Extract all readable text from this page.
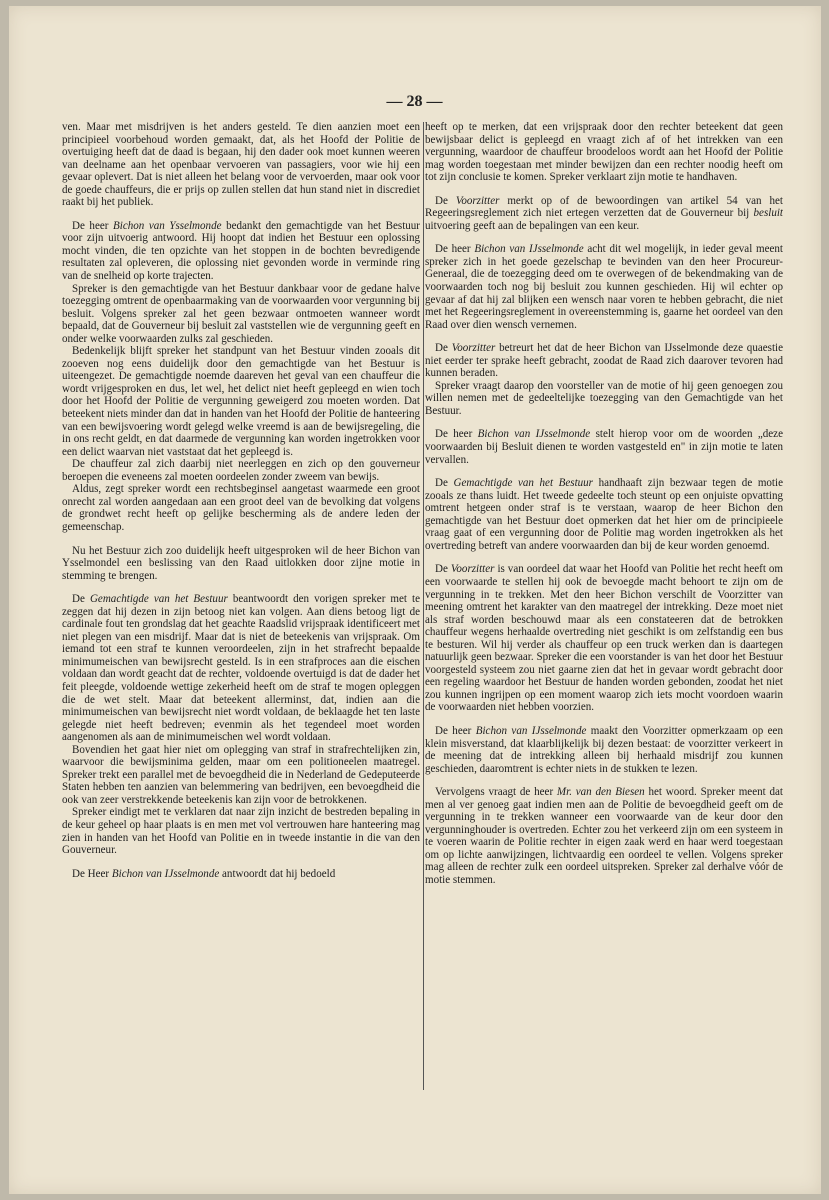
— 28 —

ven. Maar met misdrijven is het anders gesteld. Te dien aanzien moet een principieel voorbehoud worden gemaakt, dat, als het Hoofd der Politie de overtuiging heeft dat de daad is begaan, hij den dader ook moet kunnen weeren van deelname aan het openbaar vervoeren van passagiers, voor wie hij een gevaar oplevert. Dat is niet alleen het belang voor de vervoerden, maar ook voor de goede chauffeurs, die er prijs op zullen stellen dat hun stand niet in discrediet raakt bij het publiek.

De heer Bichon van Ysselmonde bedankt den gemachtigde van het Bestuur voor zijn uitvoerig antwoord. Hij hoopt dat indien het Bestuur een oplossing mocht vinden, die ten opzichte van het stoppen in de bochten bevredigende resultaten zal opleveren, die oplossing niet gevonden worde in verminde ring van de snelheid op korte trajecten.

Spreker is den gemachtigde van het Bestuur dankbaar voor de gedane halve toezegging omtrent de openbaarmaking van de voorwaarden voor vergunning bij besluit. Volgens spreker zal het geen bezwaar ontmoeten wanneer wordt bepaald, dat de Gouverneur bij besluit zal vaststellen wie de vergunning geeft en onder welke voorwaarden zulks zal geschieden.

Bedenkelijk blijft spreker het standpunt van het Bestuur vinden zooals dit zooeven nog eens duidelijk door den gemachtigde van het Bestuur is uiteengezet. De gemachtigde noemde daareven het geval van een chauffeur die wordt vrijgesproken en dus, let wel, het delict niet heeft gepleegd en wien toch door het Hoofd der Politie de vergunning geweigerd zou moeten worden. Dat beteekent niets minder dan dat in handen van het Hoofd der Politie de hanteering van een bewijsvoering wordt gelegd welke vreemd is aan de bewijsregeling, die in ons recht geldt, en dat daarmede de vergunning kan worden ingetrokken voor een delict waarvan niet vaststaat dat het gepleegd is.

De chauffeur zal zich daarbij niet neerleggen en zich op den gouverneur beroepen die eveneens zal moeten oordeelen zonder zweem van bewijs.

Aldus, zegt spreker wordt een rechtsbeginsel aangetast waarmede een groot onrecht zal worden aangedaan aan een groot deel van de bevolking dat volgens de grondwet recht heeft op gelijke bescherming als de andere leden der gemeenschap.

Nu het Bestuur zich zoo duidelijk heeft uitgesproken wil de heer Bichon van Ysselmondel een beslissing van den Raad uitlokken door zijne motie in stemming te brengen.

De Gemachtigde van het Bestuur beantwoordt den vorigen spreker met te zeggen dat hij dezen in zijn betoog niet kan volgen. Aan diens betoog ligt de cardinale fout ten grondslag dat het geachte Raadslid vrijspraak identificeert met niet plegen van een misdrijf. Maar dat is niet de beteekenis van vrijspraak. Om iemand tot een straf te kunnen veroordeelen, zijn in het strafrecht bepaalde minimumeischen van bewijsrecht gesteld. Is in een strafproces aan die eischen voldaan dan wordt geacht dat de rechter, voldoende overtuigd is dat de dader het feit pleegde, voldoende wettige zekerheid heeft om de straf te mogen opleggen die de wet stelt. Maar dat beteekent allerminst, dat, indien aan die minimumeischen van bewijsrecht niet wordt voldaan, de beklaagde het ten laste gelegde niet heeft bedreven; evenmin als het tegendeel moet worden aangenomen als aan de minimumeischen wel wordt voldaan.

Bovendien het gaat hier niet om oplegging van straf in strafrechtelijken zin, waarvoor die bewijsminima gelden, maar om een politioneelen maatregel. Spreker trekt een parallel met de bevoegdheid die in Nederland de Gedeputeerde Staten hebben ten aanzien van belemmering van bedrijven, een bevoegdheid die ook van zeer verstrekkende beteekenis kan zijn voor de betrokkenen.

Spreker eindigt met te verklaren dat naar zijn inzicht de bestreden bepaling in de keur geheel op haar plaats is en men met vol vertrouwen hare hanteering mag zien in handen van het Hoofd van Politie en in tweede instantie in die van den Gouverneur.

De Heer Bichon van IJsselmonde antwoordt dat hij bedoeld

heeft op te merken, dat een vrijspraak door den rechter beteekent dat geen bewijsbaar delict is gepleegd en vraagt zich af of het intrekken van een vergunning, waardoor de chauffeur broodeloos wordt aan het Hoofd der Politie mag worden toegestaan met minder bewijzen dan een rechter noodig heeft om tot zijn conclusie te komen. Spreker verklaart zijn motie te handhaven.

De Voorzitter merkt op of de bewoordingen van artikel 54 van het Regeeringsreglement zich niet ertegen verzetten dat de Gouverneur bij besluit uitvoering geeft aan de bepalingen van een keur.

De heer Bichon van IJsselmonde acht dit wel mogelijk, in ieder geval meent spreker zich in het goede gezelschap te bevinden van den heer Procureur-Generaal, die de toezegging deed om te overwegen of de bekendmaking van de voorwaarden toch nog bij besluit zou kunnen geschieden. Hij wil echter op gevaar af dat hij zal blijken een wensch naar voren te hebben gebracht, die niet met het Regeeringsreglement in overeenstemming is, gaarne het oordeel van den Raad over dien wensch vernemen.

De Voorzitter betreurt het dat de heer Bichon van IJsselmonde deze quaestie niet eerder ter sprake heeft gebracht, zoodat de Raad zich daarover tevoren had kunnen beraden.

Spreker vraagt daarop den voorsteller van de motie of hij geen genoegen zou willen nemen met de gedeeltelijke toezegging van den Gemachtigde van het Bestuur.

De heer Bichon van IJsselmonde stelt hierop voor om de woorden „deze voorwaarden bij Besluit dienen te worden vastgesteld en" in zijn motie te laten vervallen.

De Gemachtigde van het Bestuur handhaaft zijn bezwaar tegen de motie zooals ze thans luidt. Het tweede gedeelte toch steunt op een onjuiste opvatting omtrent hetgeen onder straf is te verstaan, waarop de heer Bichon den gemachtigde van het Bestuur doet opmerken dat het hier om de principieele vraag gaat of een vergunning door de Politie mag worden ingetrokken als het overtreding betreft van andere voorwaarden dan bij de keur worden genoemd.

De Voorzitter is van oordeel dat waar het Hoofd van Politie het recht heeft om een voorwaarde te stellen hij ook de bevoegde macht behoort te zijn om de vergunning in te trekken. Met den heer Bichon verschilt de Voorzitter van meening omtrent het karakter van den maatregel der intrekking. Deze moet niet als straf worden beschouwd maar als een constateeren dat de betrokken chauffeur wegens herhaalde overtreding niet geschikt is om zelfstandig een bus te besturen. Wil hij verder als chauffeur op een truck werken dan is daartegen natuurlijk geen bezwaar. Spreker die een voorstander is van het door het Bestuur voorgesteld systeem zou niet gaarne zien dat het in gevaar wordt gebracht door een regeling waardoor het Bestuur de handen worden gebonden, zoodat het niet zou kunnen ingrijpen op een moment waarop zich iets mocht voordoen waarin de voorwaarden niet hebben voorzien.

De heer Bichon van IJsselmonde maakt den Voorzitter opmerkzaam op een klein misverstand, dat klaarblijkelijk bij dezen bestaat: de voorzitter verkeert in de meening dat de intrekking alleen bij herhaald misdrijf zou kunnen geschieden, daaromtrent is echter niets in de stukken te lezen.

Vervolgens vraagt de heer Mr. van den Biesen het woord. Spreker meent dat men al ver genoeg gaat indien men aan de Politie de bevoegdheid geeft om de vergunning in te trekken wanneer een voorwaarde van de keur door den vergunninghouder is overtreden. Echter zou het verkeerd zijn om een systeem in te voeren waarin de Politie rechter in eigen zaak werd en haar werd toegestaan om op lichte aanwijzingen, lichtvaardig een oordeel te vellen. Volgens spreker mag alleen de rechter zulk een oordeel uitspreken. Spreker zal derhalve vóór de motie stemmen.
